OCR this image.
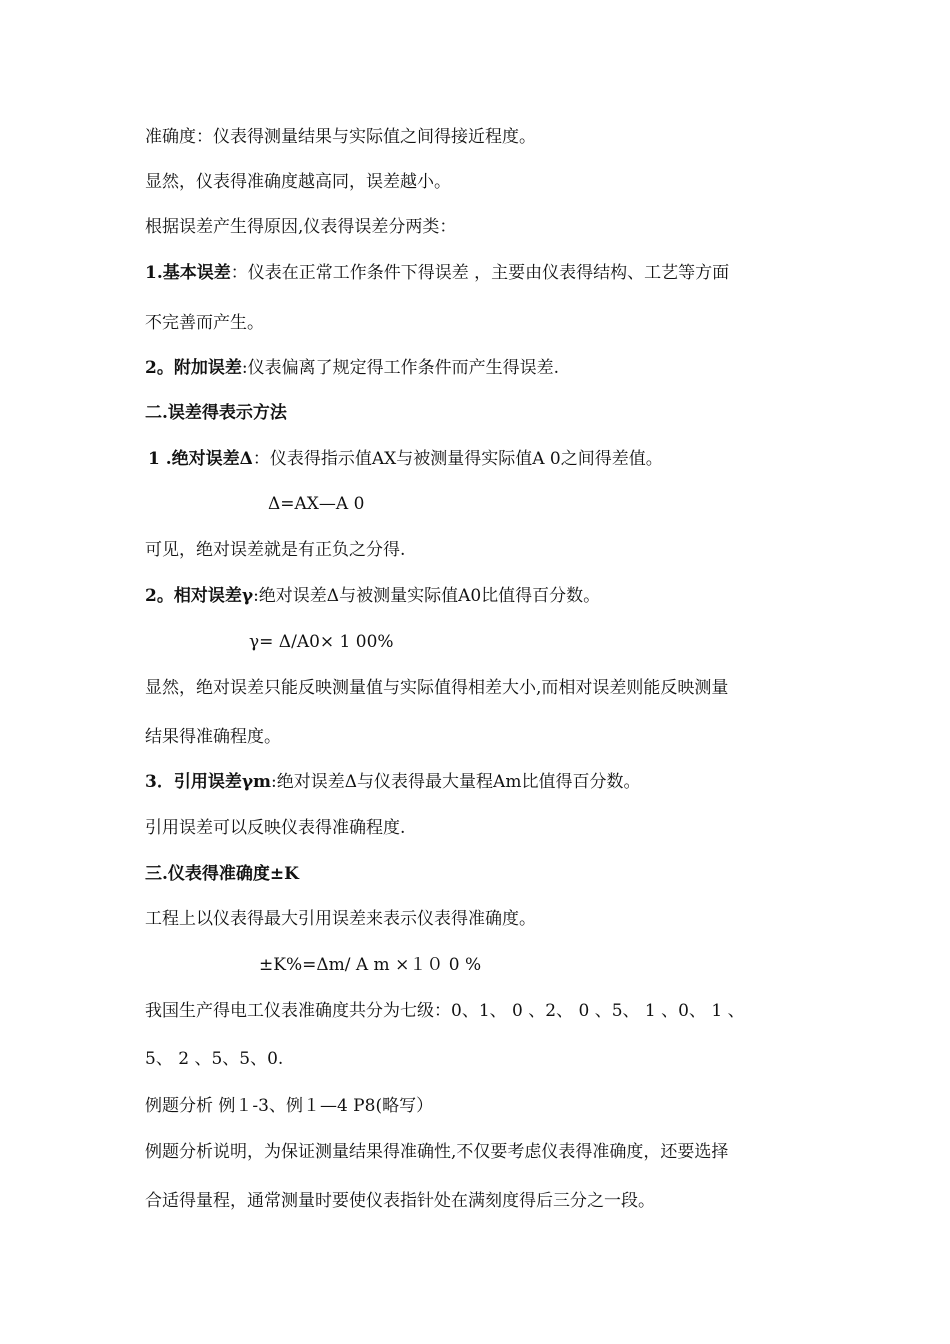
准确度：仪表得测量结果与实际值之间得接近程度。
显然，仪表得准确度越高同，误差越小。
根据误差产生得原因,仪表得误差分两类：
1.基本误差：仪表在正常工作条件下得误差 ，主要由仪表得结构、工艺等方面
不完善而产生。
2。附加误差:仪表偏离了规定得工作条件而产生得误差.
二.误差得表示方法
1 .绝对误差Δ：仪表得指示值AX与被测量得实际值A 0之间得差值。
Δ=AX—A 0
可见，绝对误差就是有正负之分得.
2。相对误差γ:绝对误差Δ与被测量实际值A0比值得百分数。
γ= Δ/A0× 1 00%
显然，绝对误差只能反映测量值与实际值得相差大小,而相对误差则能反映测量
结果得准确程度。
3．引用误差γm:绝对误差Δ与仪表得最大量程Am比值得百分数。
引用误差可以反映仪表得准确程度.
三.仪表得准确度±K
工程上以仪表得最大引用误差来表示仪表得准确度。
±K%=Δm/ A m ×１０ 0 %
我国生产得电工仪表准确度共分为七级：0、1、 0 、2、 0 、5、 1 、0、 1 、
5、 2 、5、5、0.
例题分析 例１-3、例１—4 P8(略写）
例题分析说明，为保证测量结果得准确性,不仅要考虑仪表得准确度，还要选择
合适得量程，通常测量时要使仪表指针处在满刻度得后三分之一段。
